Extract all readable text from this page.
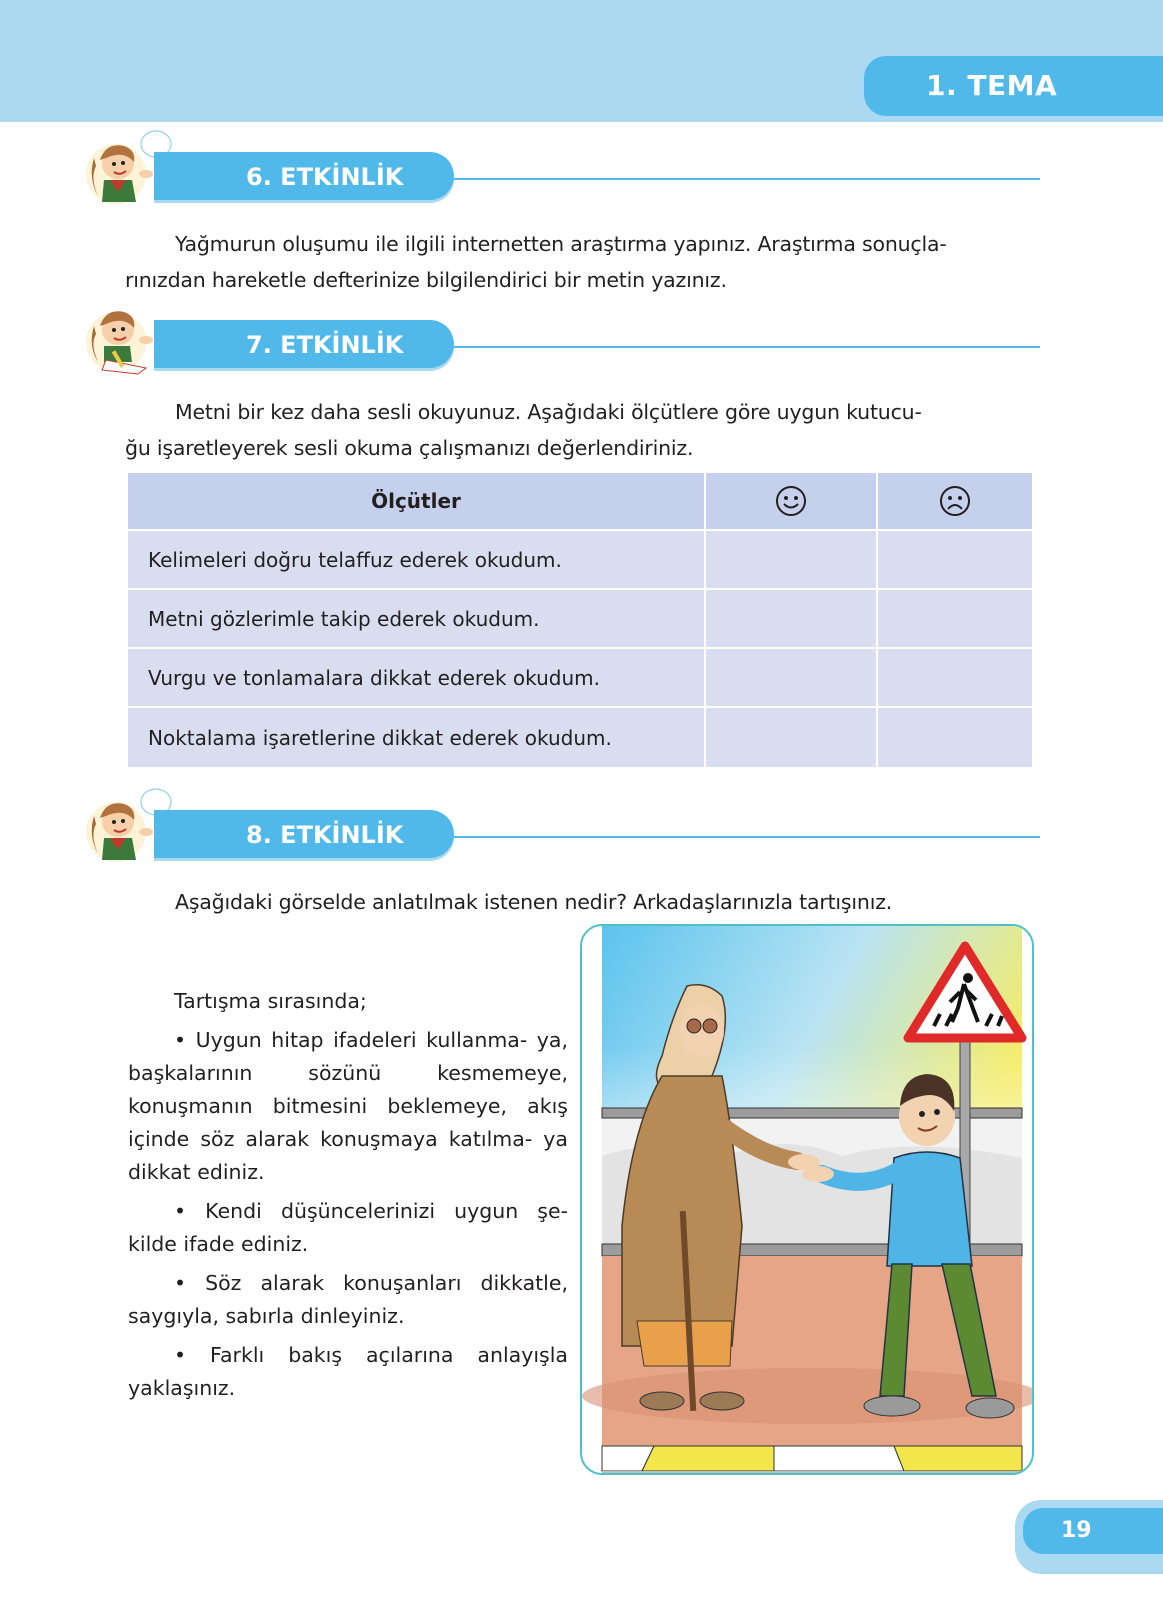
1. TEMA
6. ETKİNLİK
Yağmurun oluşumu ile ilgili internetten araştırma yapınız. Araştırma sonuçla-
rınızdan hareketle defterinize bilgilendirici bir metin yazınız.
7. ETKİNLİK
Metni bir kez daha sesli okuyunuz. Aşağıdaki ölçütlere göre uygun kutucu-
ğu işaretleyerek sesli okuma çalışmanızı değerlendiriniz.
Ölçütler		
Kelimeleri doğru telaffuz ederek okudum.		
Metni gözlerimle takip ederek okudum.		
Vurgu ve tonlamalara dikkat ederek okudum.		
Noktalama işaretlerine dikkat ederek okudum.		
8. ETKİNLİK
Aşağıdaki görselde anlatılmak istenen nedir? Arkadaşlarınızla tartışınız.

Tartışma sırasında;

• Uygun hitap ifadeleri kullanma- ya, başkalarının sözünü kesmemeye, konuşmanın bitmesini beklemeye, akış içinde söz alarak konuşmaya katılma- ya dikkat ediniz.

• Kendi düşüncelerinizi uygun şe- kilde ifade ediniz.

• Söz alarak konuşanları dikkatle, saygıyla, sabırla dinleyiniz.

• Farklı bakış açılarına anlayışla yaklaşınız.

19
